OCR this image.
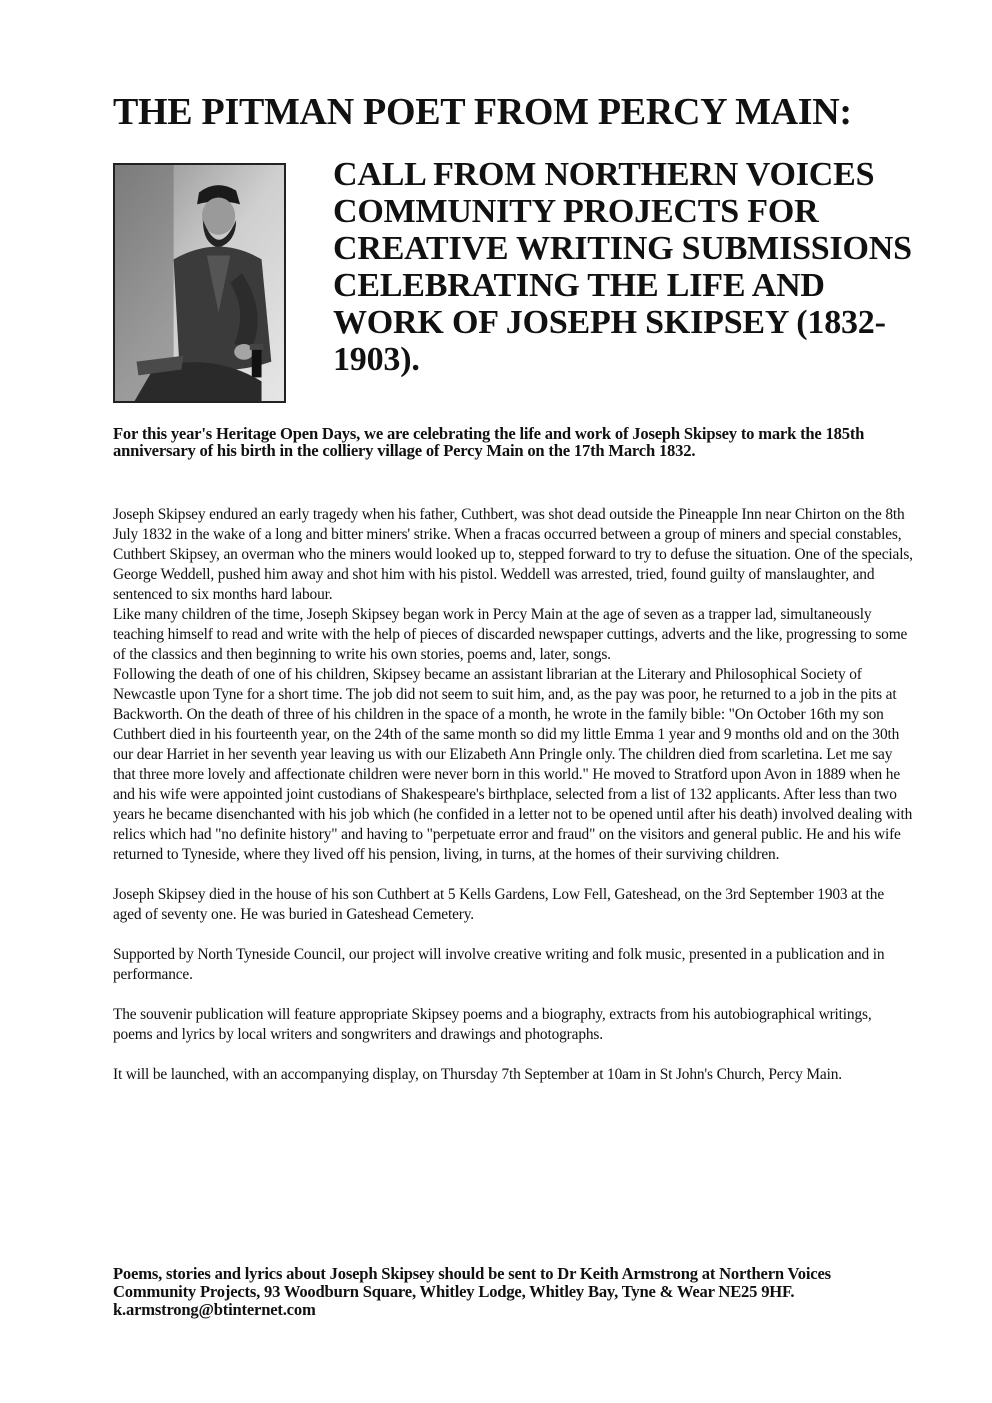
THE PITMAN POET FROM PERCY MAIN:
CALL FROM NORTHERN VOICES COMMUNITY PROJECTS FOR CREATIVE WRITING SUBMISSIONS CELEBRATING THE LIFE AND WORK OF JOSEPH SKIPSEY (1832-1903).

For this year's Heritage Open Days, we are celebrating the life and work of Joseph Skipsey to mark the 185th anniversary of his birth in the colliery village of Percy Main on the 17th March 1832.

Joseph Skipsey endured an early tragedy when his father, Cuthbert, was shot dead outside the Pineapple Inn near Chirton on the 8th July 1832 in the wake of a long and bitter miners' strike. When a fracas occurred between a group of miners and special constables, Cuthbert Skipsey, an overman who the miners would looked up to, stepped forward to try to defuse the situation. One of the specials, George Weddell, pushed him away and shot him with his pistol. Weddell was arrested, tried, found guilty of manslaughter, and sentenced to six months hard labour.

Like many children of the time, Joseph Skipsey began work in Percy Main at the age of seven as a trapper lad, simultaneously teaching himself to read and write with the help of pieces of discarded newspaper cuttings, adverts and the like, progressing to some of the classics and then beginning to write his own stories, poems and, later, songs.

Following the death of one of his children, Skipsey became an assistant librarian at the Literary and Philosophical Society of Newcastle upon Tyne for a short time. The job did not seem to suit him, and, as the pay was poor, he returned to a job in the pits at Backworth. On the death of three of his children in the space of a month, he wrote in the family bible: "On October 16th my son Cuthbert died in his fourteenth year, on the 24th of the same month so did my little Emma 1 year and 9 months old and on the 30th our dear Harriet in her seventh year leaving us with our Elizabeth Ann Pringle only. The children died from scarletina. Let me say that three more lovely and affectionate children were never born in this world." He moved to Stratford upon Avon in 1889 when he and his wife were appointed joint custodians of Shakespeare's birthplace, selected from a list of 132 applicants. After less than two years he became disenchanted with his job which (he confided in a letter not to be opened until after his death) involved dealing with relics which had "no definite history" and having to "perpetuate error and fraud" on the visitors and general public. He and his wife returned to Tyneside, where they lived off his pension, living, in turns, at the homes of their surviving children.

Joseph Skipsey died in the house of his son Cuthbert at 5 Kells Gardens, Low Fell, Gateshead, on the 3rd September 1903 at the aged of seventy one. He was buried in Gateshead Cemetery.

Supported by North Tyneside Council, our project will involve creative writing and folk music, presented in a publication and in performance.

The souvenir publication will feature appropriate Skipsey poems and a biography, extracts from his autobiographical writings, poems and lyrics by local writers and songwriters and drawings and photographs.

It will be launched, with an accompanying display, on Thursday 7th September at 10am in St John's Church, Percy Main.

Poems, stories and lyrics about Joseph Skipsey should be sent to Dr Keith Armstrong at Northern Voices Community Projects, 93 Woodburn Square, Whitley Lodge, Whitley Bay, Tyne & Wear NE25 9HF. k.armstrong@btinternet.com
